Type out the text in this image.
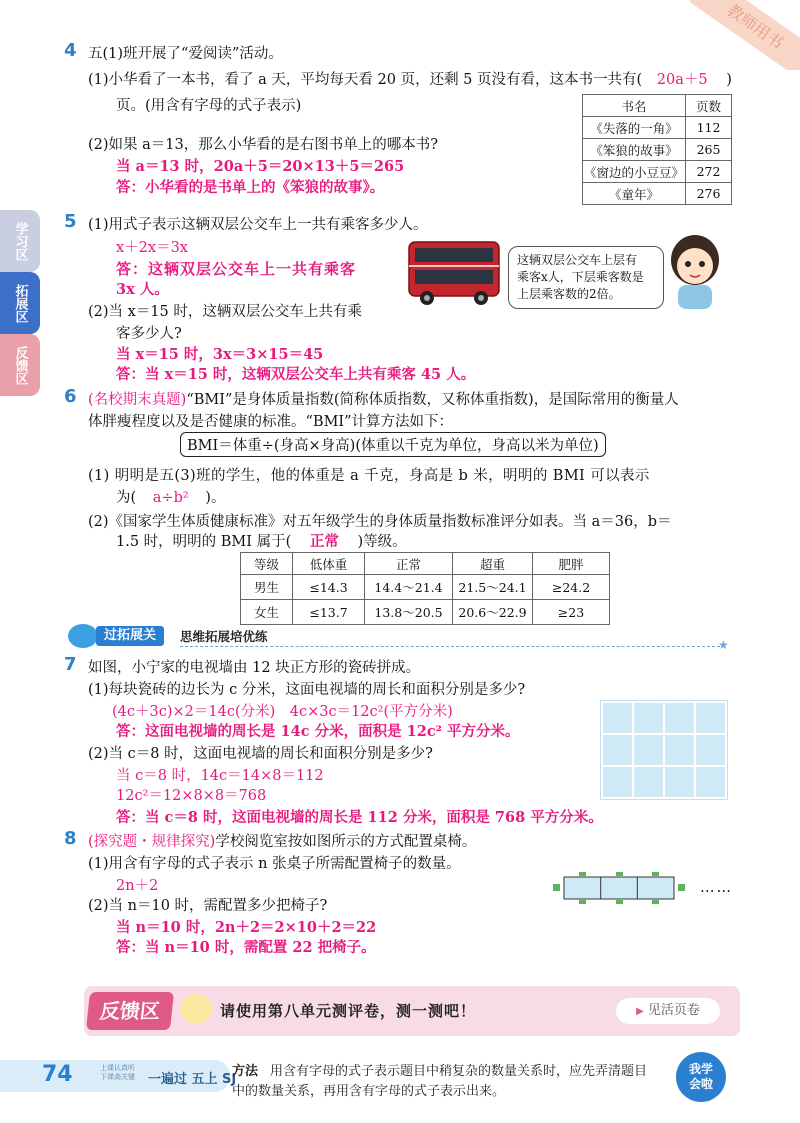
教师用书
学习区
拓展区
反馈区
4 五(1)班开展了“爱阅读”活动。
(1)小华看了一本书，看了 a 天，平均每天看 20 页，还剩 5 页没有看，这本书一共有( 20a＋5 )
页。(用含有字母的式子表示)
(2)如果 a＝13，那么小华看的是右图书单上的哪本书?
当 a＝13 时，20a＋5＝20×13＋5＝265
答：小华看的是书单上的《笨狼的故事》。
书名	页数
《失落的一角》	112
《笨狼的故事》	265
《窗边的小豆豆》	272
《童年》	276
5 (1)用式子表示这辆双层公交车上一共有乘客多少人。
x＋2x＝3x
答：这辆双层公交车上一共有乘客
3x 人。
(2)当 x＝15 时，这辆双层公交车上共有乘
客多少人?
当 x＝15 时，3x＝3×15＝45
答：当 x＝15 时，这辆双层公交车上共有乘客 45 人。
这辆双层公交车上层有
乘客x人，下层乘客数是
上层乘客数的2倍。
6 (名校期末真题)“BMI”是身体质量指数(简称体质指数，又称体重指数)，是国际常用的衡量人
体胖瘦程度以及是否健康的标准。“BMI”计算方法如下：
BMI＝体重÷(身高×身高)(体重以千克为单位，身高以米为单位)
(1) 明明是五(3)班的学生，他的体重是 a 千克，身高是 b 米，明明的 BMI 可以表示
为( a÷b² )。
(2)《国家学生体质健康标准》对五年级学生的身体质量指数标准评分如表。当 a＝36，b＝
1.5 时，明明的 BMI 属于( 正常 )等级。
等级	低体重	正常	超重	肥胖
男生	≤14.3	14.4～21.4	21.5～24.1	≥24.2
女生	≤13.7	13.8～20.5	20.6～22.9	≥23
过拓展关	思维拓展培优练
★
7 如图，小宁家的电视墙由 12 块正方形的瓷砖拼成。
(1)每块瓷砖的边长为 c 分米，这面电视墙的周长和面积分别是多少?
(4c＋3c)×2＝14c(分米)　4c×3c＝12c²(平方分米)
答：这面电视墙的周长是 14c 分米，面积是 12c² 平方分米。
(2)当 c＝8 时，这面电视墙的周长和面积分别是多少?
当 c＝8 时，14c＝14×8＝112
12c²＝12×8×8＝768
答：当 c＝8 时，这面电视墙的周长是 112 分米，面积是 768 平方分米。
8 (探究题・规律探究)学校阅览室按如图所示的方式配置桌椅。
(1)用含有字母的式子表示 n 张桌子所需配置椅子的数量。
2n＋2
(2)当 n＝10 时，需配置多少把椅子?
当 n＝10 时，2n＋2＝2×10＋2＝22
答：当 n＝10 时，需配置 22 把椅子。
……
反馈区	请使用第八单元测评卷，测一测吧！	▶ 见活页卷
74	上课认真听
下课高关键 一遍过 五上 SJ
方法 用含有字母的式子表示题目中稍复杂的数量关系时，应先弄清题目
中的数量关系，再用含有字母的式子表示出来。
我学
会啦
